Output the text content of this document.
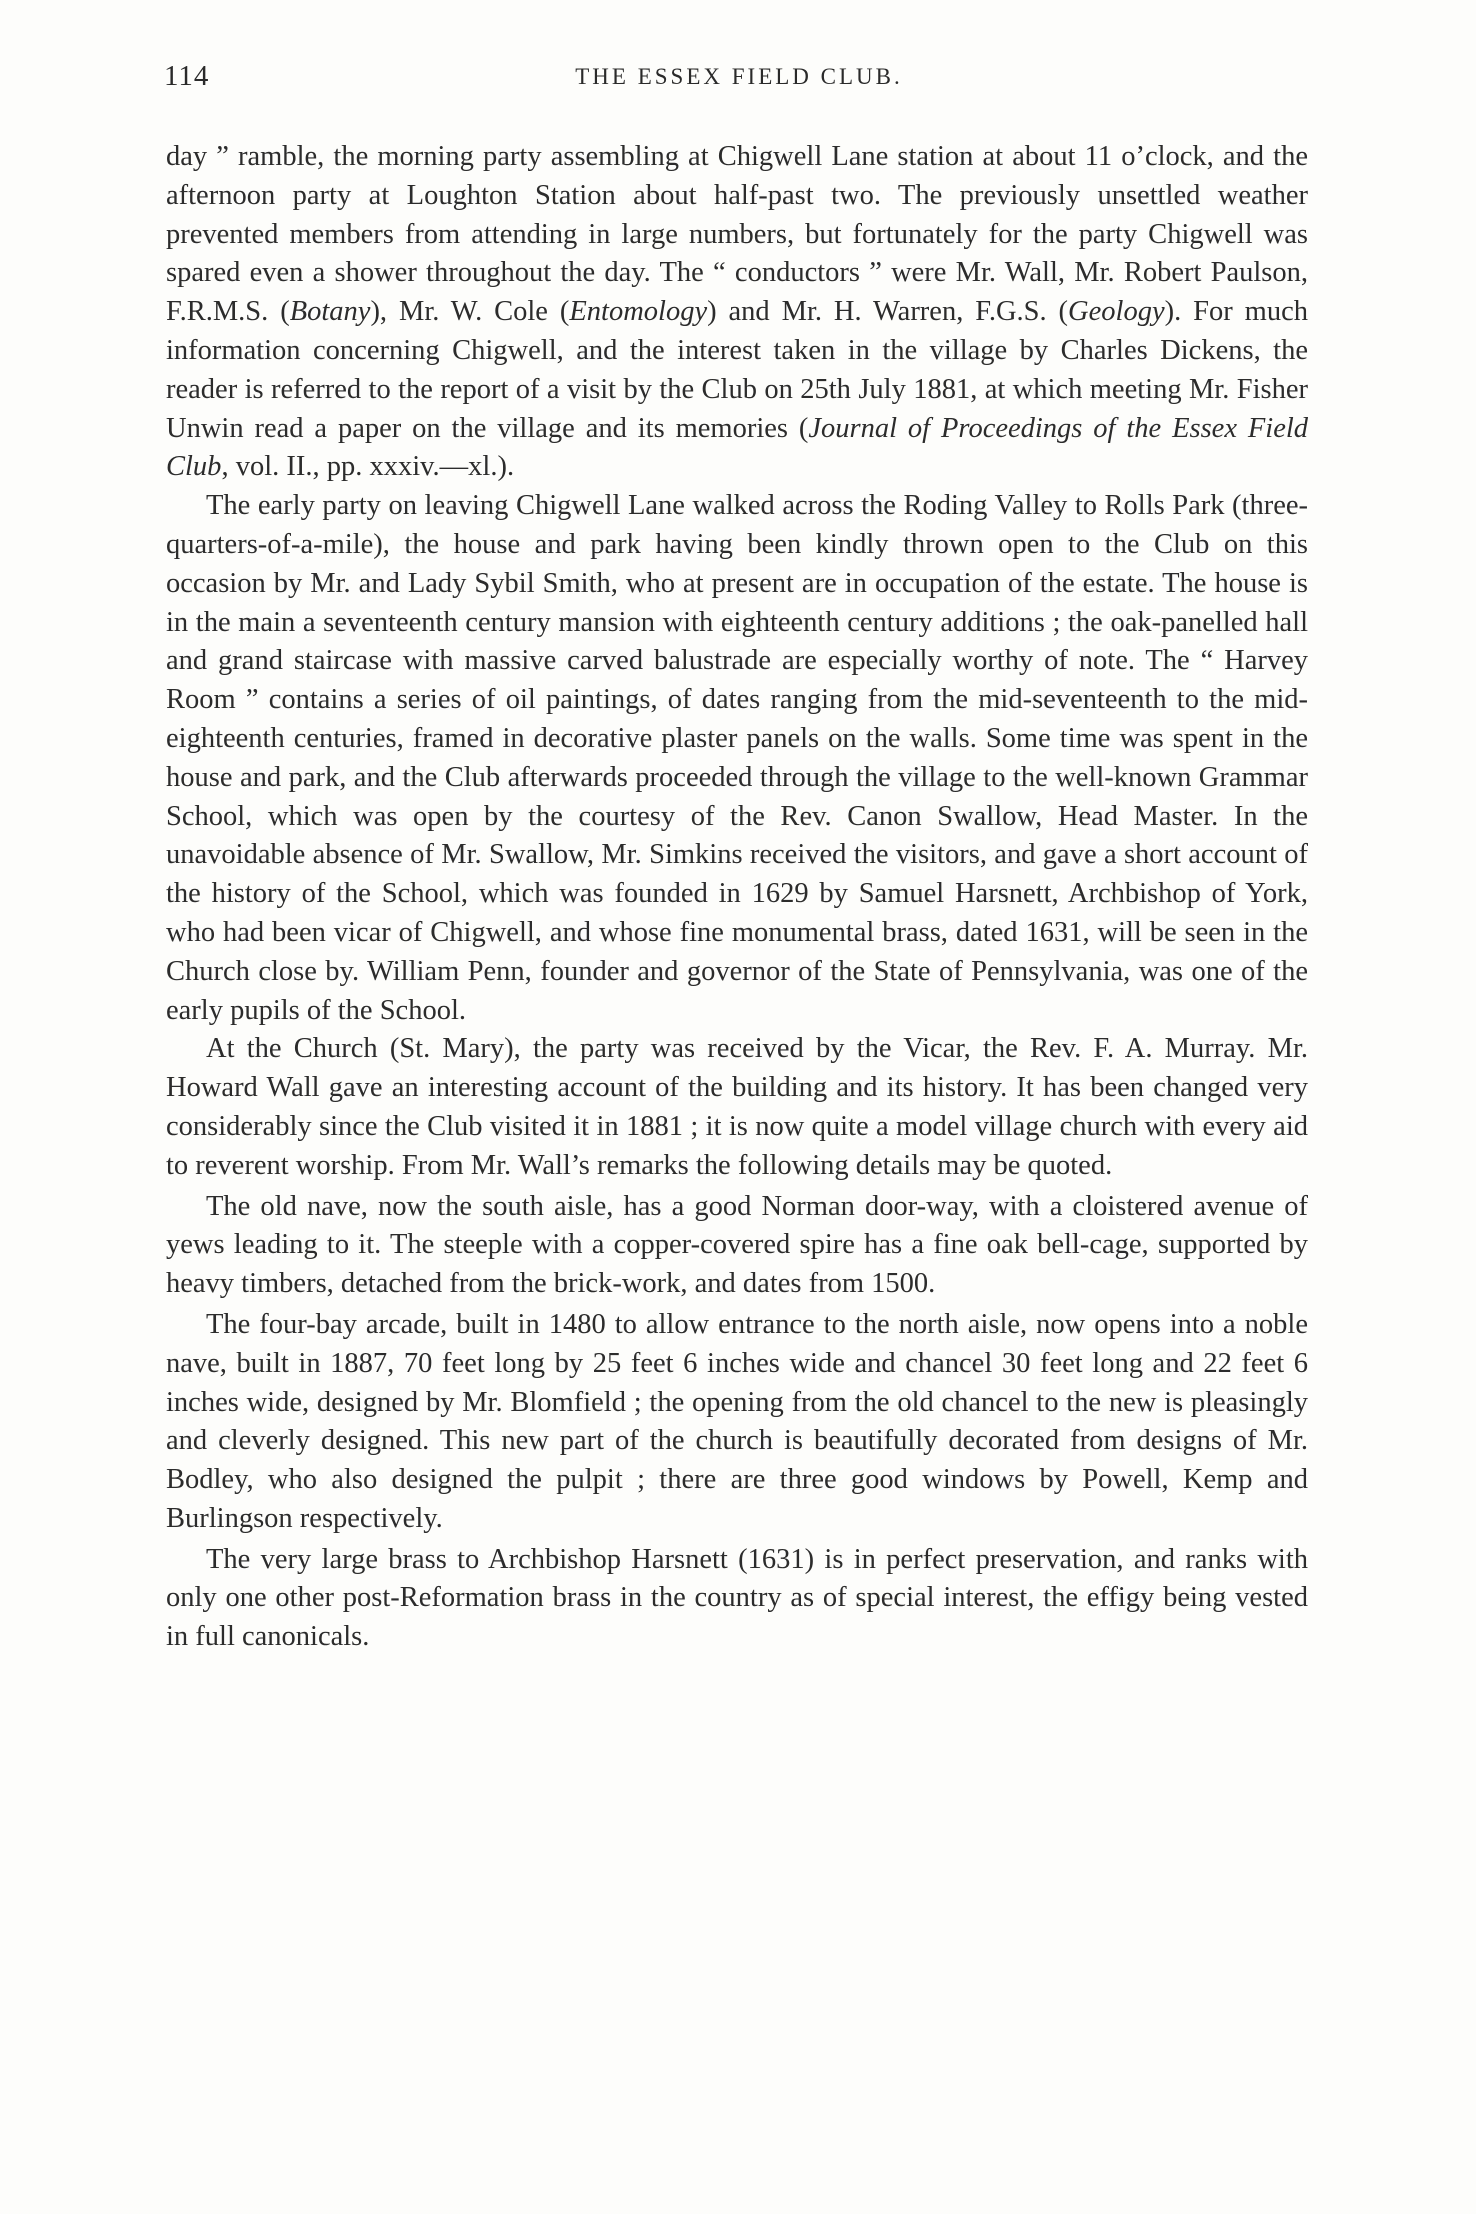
114	THE ESSEX FIELD CLUB.

day ” ramble, the morning party assembling at Chigwell Lane station at about 11 o’clock, and the afternoon party at Loughton Station about half-past two. The previously unsettled weather prevented members from attending in large numbers, but fortunately for the party Chigwell was spared even a shower throughout the day. The “ conductors ” were Mr. Wall, Mr. Robert Paulson, F.R.M.S. (Botany), Mr. W. Cole (Entomology) and Mr. H. Warren, F.G.S. (Geology). For much information concerning Chigwell, and the interest taken in the village by Charles Dickens, the reader is referred to the report of a visit by the Club on 25th July 1881, at which meeting Mr. Fisher Unwin read a paper on the village and its memories (Journal of Proceedings of the Essex Field Club, vol. II., pp. xxxiv.—xl.).

The early party on leaving Chigwell Lane walked across the Roding Valley to Rolls Park (three-quarters-of-a-mile), the house and park having been kindly thrown open to the Club on this occasion by Mr. and Lady Sybil Smith, who at present are in occupation of the estate. The house is in the main a seventeenth century mansion with eighteenth century additions ; the oak-panelled hall and grand staircase with massive carved balustrade are especially worthy of note. The “ Harvey Room ” contains a series of oil paintings, of dates ranging from the mid-seventeenth to the mid-eighteenth centuries, framed in decorative plaster panels on the walls. Some time was spent in the house and park, and the Club afterwards proceeded through the village to the well-known Grammar School, which was open by the courtesy of the Rev. Canon Swallow, Head Master. In the unavoidable absence of Mr. Swallow, Mr. Simkins received the visitors, and gave a short account of the history of the School, which was founded in 1629 by Samuel Harsnett, Archbishop of York, who had been vicar of Chigwell, and whose fine monumental brass, dated 1631, will be seen in the Church close by. William Penn, founder and governor of the State of Pennsylvania, was one of the early pupils of the School.

At the Church (St. Mary), the party was received by the Vicar, the Rev. F. A. Murray. Mr. Howard Wall gave an interesting account of the building and its history. It has been changed very considerably since the Club visited it in 1881 ; it is now quite a model village church with every aid to reverent worship. From Mr. Wall’s remarks the following details may be quoted.

The old nave, now the south aisle, has a good Norman door-way, with a cloistered avenue of yews leading to it. The steeple with a copper-covered spire has a fine oak bell-cage, supported by heavy timbers, detached from the brick-work, and dates from 1500.

The four-bay arcade, built in 1480 to allow entrance to the north aisle, now opens into a noble nave, built in 1887, 70 feet long by 25 feet 6 inches wide and chancel 30 feet long and 22 feet 6 inches wide, designed by Mr. Blomfield ; the opening from the old chancel to the new is pleasingly and cleverly designed. This new part of the church is beautifully decorated from designs of Mr. Bodley, who also designed the pulpit ; there are three good windows by Powell, Kemp and Burlingson respectively.

The very large brass to Archbishop Harsnett (1631) is in perfect preservation, and ranks with only one other post-Reformation brass in the country as of special interest, the effigy being vested in full canonicals.
